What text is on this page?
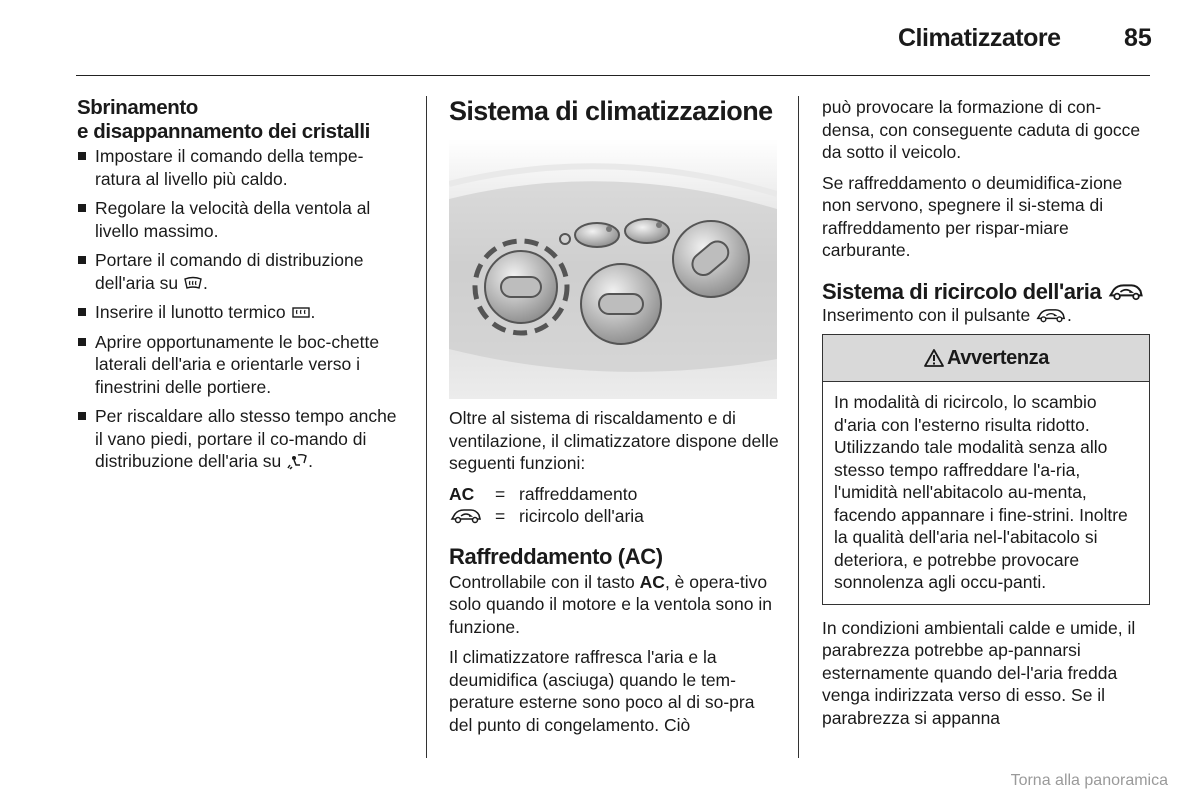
Climatizzatore	85
Sbrinamento
e disappannamento dei cristalli
Impostare il comando della tempe-ratura al livello più caldo.
Regolare la velocità della ventola al livello massimo.
Portare il comando di distribuzione dell'aria su .
Inserire il lunotto termico .
Aprire opportunamente le boc-chette laterali dell'aria e orientarle verso i finestrini delle portiere.
Per riscaldare allo stesso tempo anche il vano piedi, portare il co-mando di distribuzione dell'aria su .
Sistema di climatizzazione

Oltre al sistema di riscaldamento e di ventilazione, il climatizzatore dispone delle seguenti funzioni:

AC	= raffreddamento
= ricircolo dell'aria
Raffreddamento (AC)

Controllabile con il tasto AC, è opera-tivo solo quando il motore e la ventola sono in funzione.

Il climatizzatore raffresca l'aria e la deumidifica (asciuga) quando le tem-perature esterne sono poco al di so-pra del punto di congelamento. Ciò

può provocare la formazione di con-densa, con conseguente caduta di gocce da sotto il veicolo.

Se raffreddamento o deumidifica-zione non servono, spegnere il si-stema di raffreddamento per rispar-miare carburante.

Sistema di ricircolo dell'aria

Inserimento con il pulsante .

Avvertenza
In modalità di ricircolo, lo scambio d'aria con l'esterno risulta ridotto. Utilizzando tale modalità senza allo stesso tempo raffreddare l'a-ria, l'umidità nell'abitacolo au-menta, facendo appannare i fine-strini. Inoltre la qualità dell'aria nel-l'abitacolo si deteriora, e potrebbe provocare sonnolenza agli occu-panti.

In condizioni ambientali calde e umide, il parabrezza potrebbe ap-pannarsi esternamente quando del-l'aria fredda venga indirizzata verso di esso. Se il parabrezza si appanna

Torna alla panoramica
